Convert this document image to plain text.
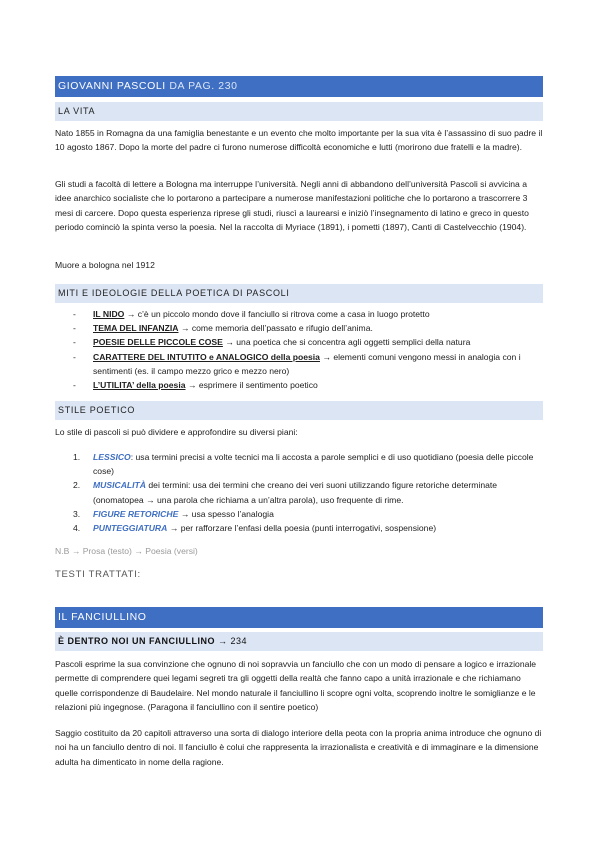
GIOVANNI PASCOLI DA PAG. 230
LA VITA

Nato 1855 in Romagna da una famiglia benestante e un evento che molto importante per la sua vita è l’assassino di suo padre il 10 agosto 1867. Dopo la morte del padre ci furono numerose difficoltà economiche e lutti (morirono due fratelli e la madre).

Gli studi a facoltà di lettere a Bologna ma interruppe l’università. Negli anni di abbandono dell’università Pascoli si avvicina a idee anarchico socialiste che lo portarono a partecipare a numerose manifestazioni politiche che lo portarono a trascorrere 3 mesi di carcere. Dopo questa esperienza riprese gli studi, riuscì a laurearsi e iniziò l’insegnamento di latino e greco in questo periodo cominciò la spinta verso la poesia. Nel la raccolta di Myriace (1891), i pometti (1897), Canti di Castelvecchio (1904).

Muore a bologna nel 1912
MITI E IDEOLOGIE DELLA POETICA DI PASCOLI
- IL NIDO → c’è un piccolo mondo dove il fanciullo si ritrova come a casa in luogo protetto
- TEMA DEL INFANZIA → come memoria dell’passato e rifugio dell’anima.
- POESIE DELLE PICCOLE COSE → una poetica che si concentra agli oggetti semplici della natura
- CARATTERE DEL INTUTITO e ANALOGICO della poesia → elementi comuni vengono messi in analogia con i sentimenti (es. il campo mezzo grico e mezzo nero)
- L’UTILITA’ della poesia → esprimere il sentimento poetico
STILE POETICO
Lo stile di pascoli si può dividere e approfondire su diversi piani:
1. LESSICO: usa termini precisi a volte tecnici ma li accosta a parole semplici e di uso quotidiano (poesia delle piccole cose)
2. MUSICALITÀ dei termini: usa dei termini che creano dei veri suoni utilizzando figure retoriche determinate (onomatopea → una parola che richiama a un’altra parola), uso frequente di rime.
3. FIGURE RETORICHE → usa spesso l’analogia
4. PUNTEGGIATURA → per rafforzare l’enfasi della poesia (punti interrogativi, sospensione)
N.B → Prosa (testo) → Poesia (versi)
TESTI TRATTATI:
IL FANCIULLINO
È DENTRO NOI UN FANCIULLINO → 234

Pascoli esprime la sua convinzione che ognuno di noi sopravvia un fanciullo che con un modo di pensare a logico e irrazionale permette di comprendere quei legami segreti tra gli oggetti della realtà che fanno capo a unità irrazionale e che richiamano quelle corrispondenze di Baudelaire. Nel mondo naturale il fanciullino li scopre ogni volta, scoprendo inoltre le somiglianze e le relazioni più ingegnose. (Paragona il fanciullino con il sentire poetico)

Saggio costituito da 20 capitoli attraverso una sorta di dialogo interiore della peota con la propria anima introduce che ognuno di noi ha un fanciullo dentro di noi. Il fanciullo è colui che rappresenta la irrazionalista e creatività e di immaginare e la dimensione adulta ha dimenticato in nome della ragione.
